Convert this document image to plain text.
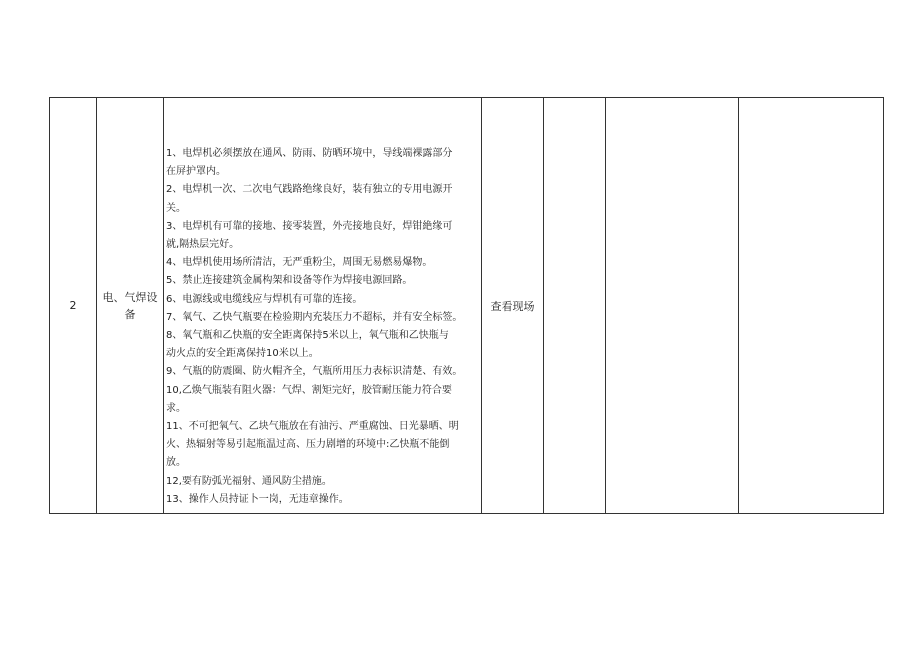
2	电、气焊设备	
1、电焊机必须摆放在通风、防雨、防晒环境中，导线端裸露部分
在屏护罩内。
2、电焊机一次、二次电气践路绝缘良好，装有独立的专用电源开
关。
3、电焊机有可靠的接地、接零装置，外壳接地良好，焊钳絶缘可
就,隔热层完好。
4、电焊机使用场所清洁，无严重粉尘，周围无易燃易爆物。
5、禁止连接建筑金属构架和设备等作为焊接电源回路。
6、电源线或电缆线应与焊机有可靠的连接。
7、氧气、乙快气瓶要在检验期内充装压力不超标，并有安全标签。
8、氧气瓶和乙快瓶的安全距离保持5米以上，氧气瓶和乙快瓶与
动火点的安全距离保持10米以上。
9、气瓶的防震圈、防火帽齐全，气瓶所用压力表标识清楚、有效。
10,乙焕气瓶装有阻火器：气焊、割矩完好，胶管耐压能力符合要
求。
11、不可把氧气、乙块气瓶放在有油污、严重腐蚀、日光暴晒、明
火、热辐射等易引起瓶温过高、压力剧增的环境中:乙快瓶不能倒
放。
12,要有防弧光福射、通风防尘措施。
13、操作人员持证卜一岗，无违章操作。
	查看现场			
